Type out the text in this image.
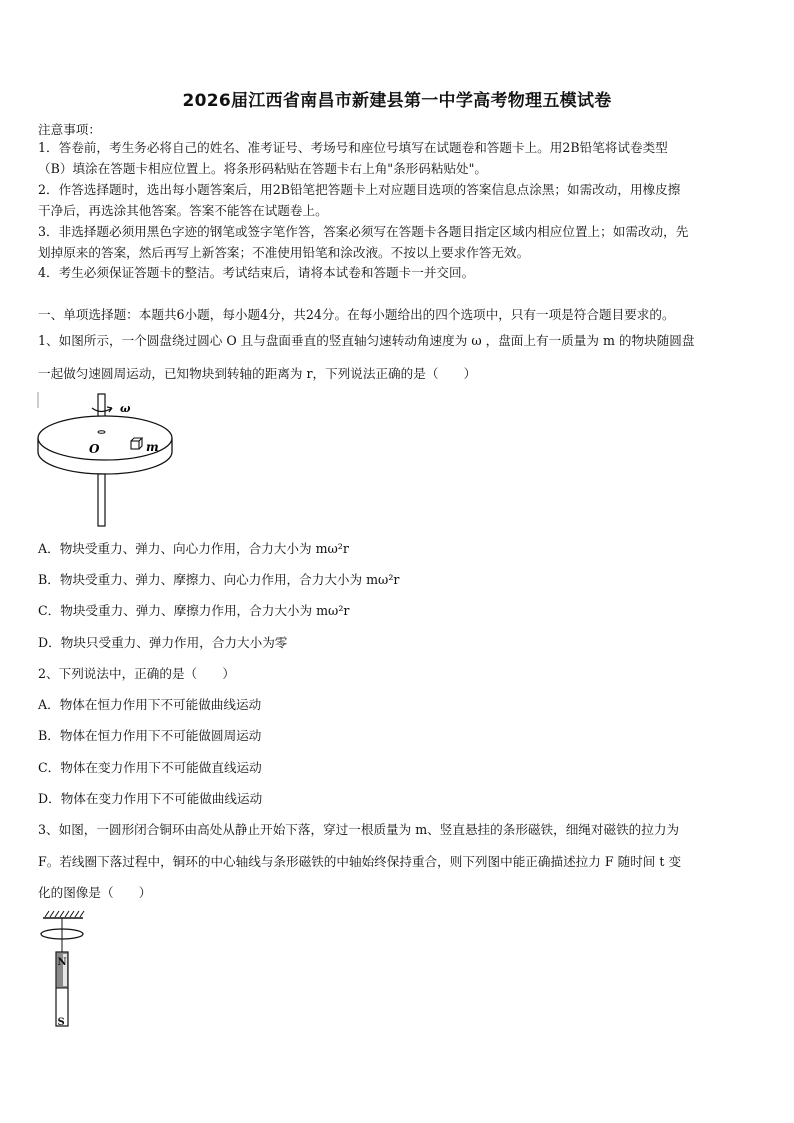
2026届江西省南昌市新建县第一中学高考物理五模试卷
注意事项：
1．答卷前，考生务必将自己的姓名、准考证号、考场号和座位号填写在试题卷和答题卡上。用2B铅笔将试卷类型
（B）填涂在答题卡相应位置上。将条形码粘贴在答题卡右上角"条形码粘贴处"。
2．作答选择题时，选出每小题答案后，用2B铅笔把答题卡上对应题目选项的答案信息点涂黑；如需改动，用橡皮擦
干净后，再选涂其他答案。答案不能答在试题卷上。
3．非选择题必须用黑色字迹的钢笔或签字笔作答，答案必须写在答题卡各题目指定区域内相应位置上；如需改动，先
划掉原来的答案，然后再写上新答案；不准使用铅笔和涂改液。不按以上要求作答无效。
4．考生必须保证答题卡的整洁。考试结束后，请将本试卷和答题卡一并交回。
一、单项选择题：本题共6小题，每小题4分，共24分。在每小题给出的四个选项中，只有一项是符合题目要求的。
1、如图所示，一个圆盘绕过圆心 O 且与盘面垂直的竖直轴匀速转动角速度为 ω ，盘面上有一质量为 m 的物块随圆盘
一起做匀速圆周运动，已知物块到转轴的距离为 r，下列说法正确的是（　　）
ω
O	m
A．物块受重力、弹力、向心力作用，合力大小为 mω²r
B．物块受重力、弹力、摩擦力、向心力作用，合力大小为 mω²r
C．物块受重力、弹力、摩擦力作用，合力大小为 mω²r
D．物块只受重力、弹力作用，合力大小为零
2、下列说法中，正确的是（　　）
A．物体在恒力作用下不可能做曲线运动
B．物体在恒力作用下不可能做圆周运动
C．物体在变力作用下不可能做直线运动
D．物体在变力作用下不可能做曲线运动
3、如图，一圆形闭合铜环由高处从静止开始下落，穿过一根质量为 m、竖直悬挂的条形磁铁，细绳对磁铁的拉力为
F。若线圈下落过程中，铜环的中心轴线与条形磁铁的中轴始终保持重合，则下列图中能正确描述拉力 F 随时间 t 变
化的图像是（　　）
N
S
